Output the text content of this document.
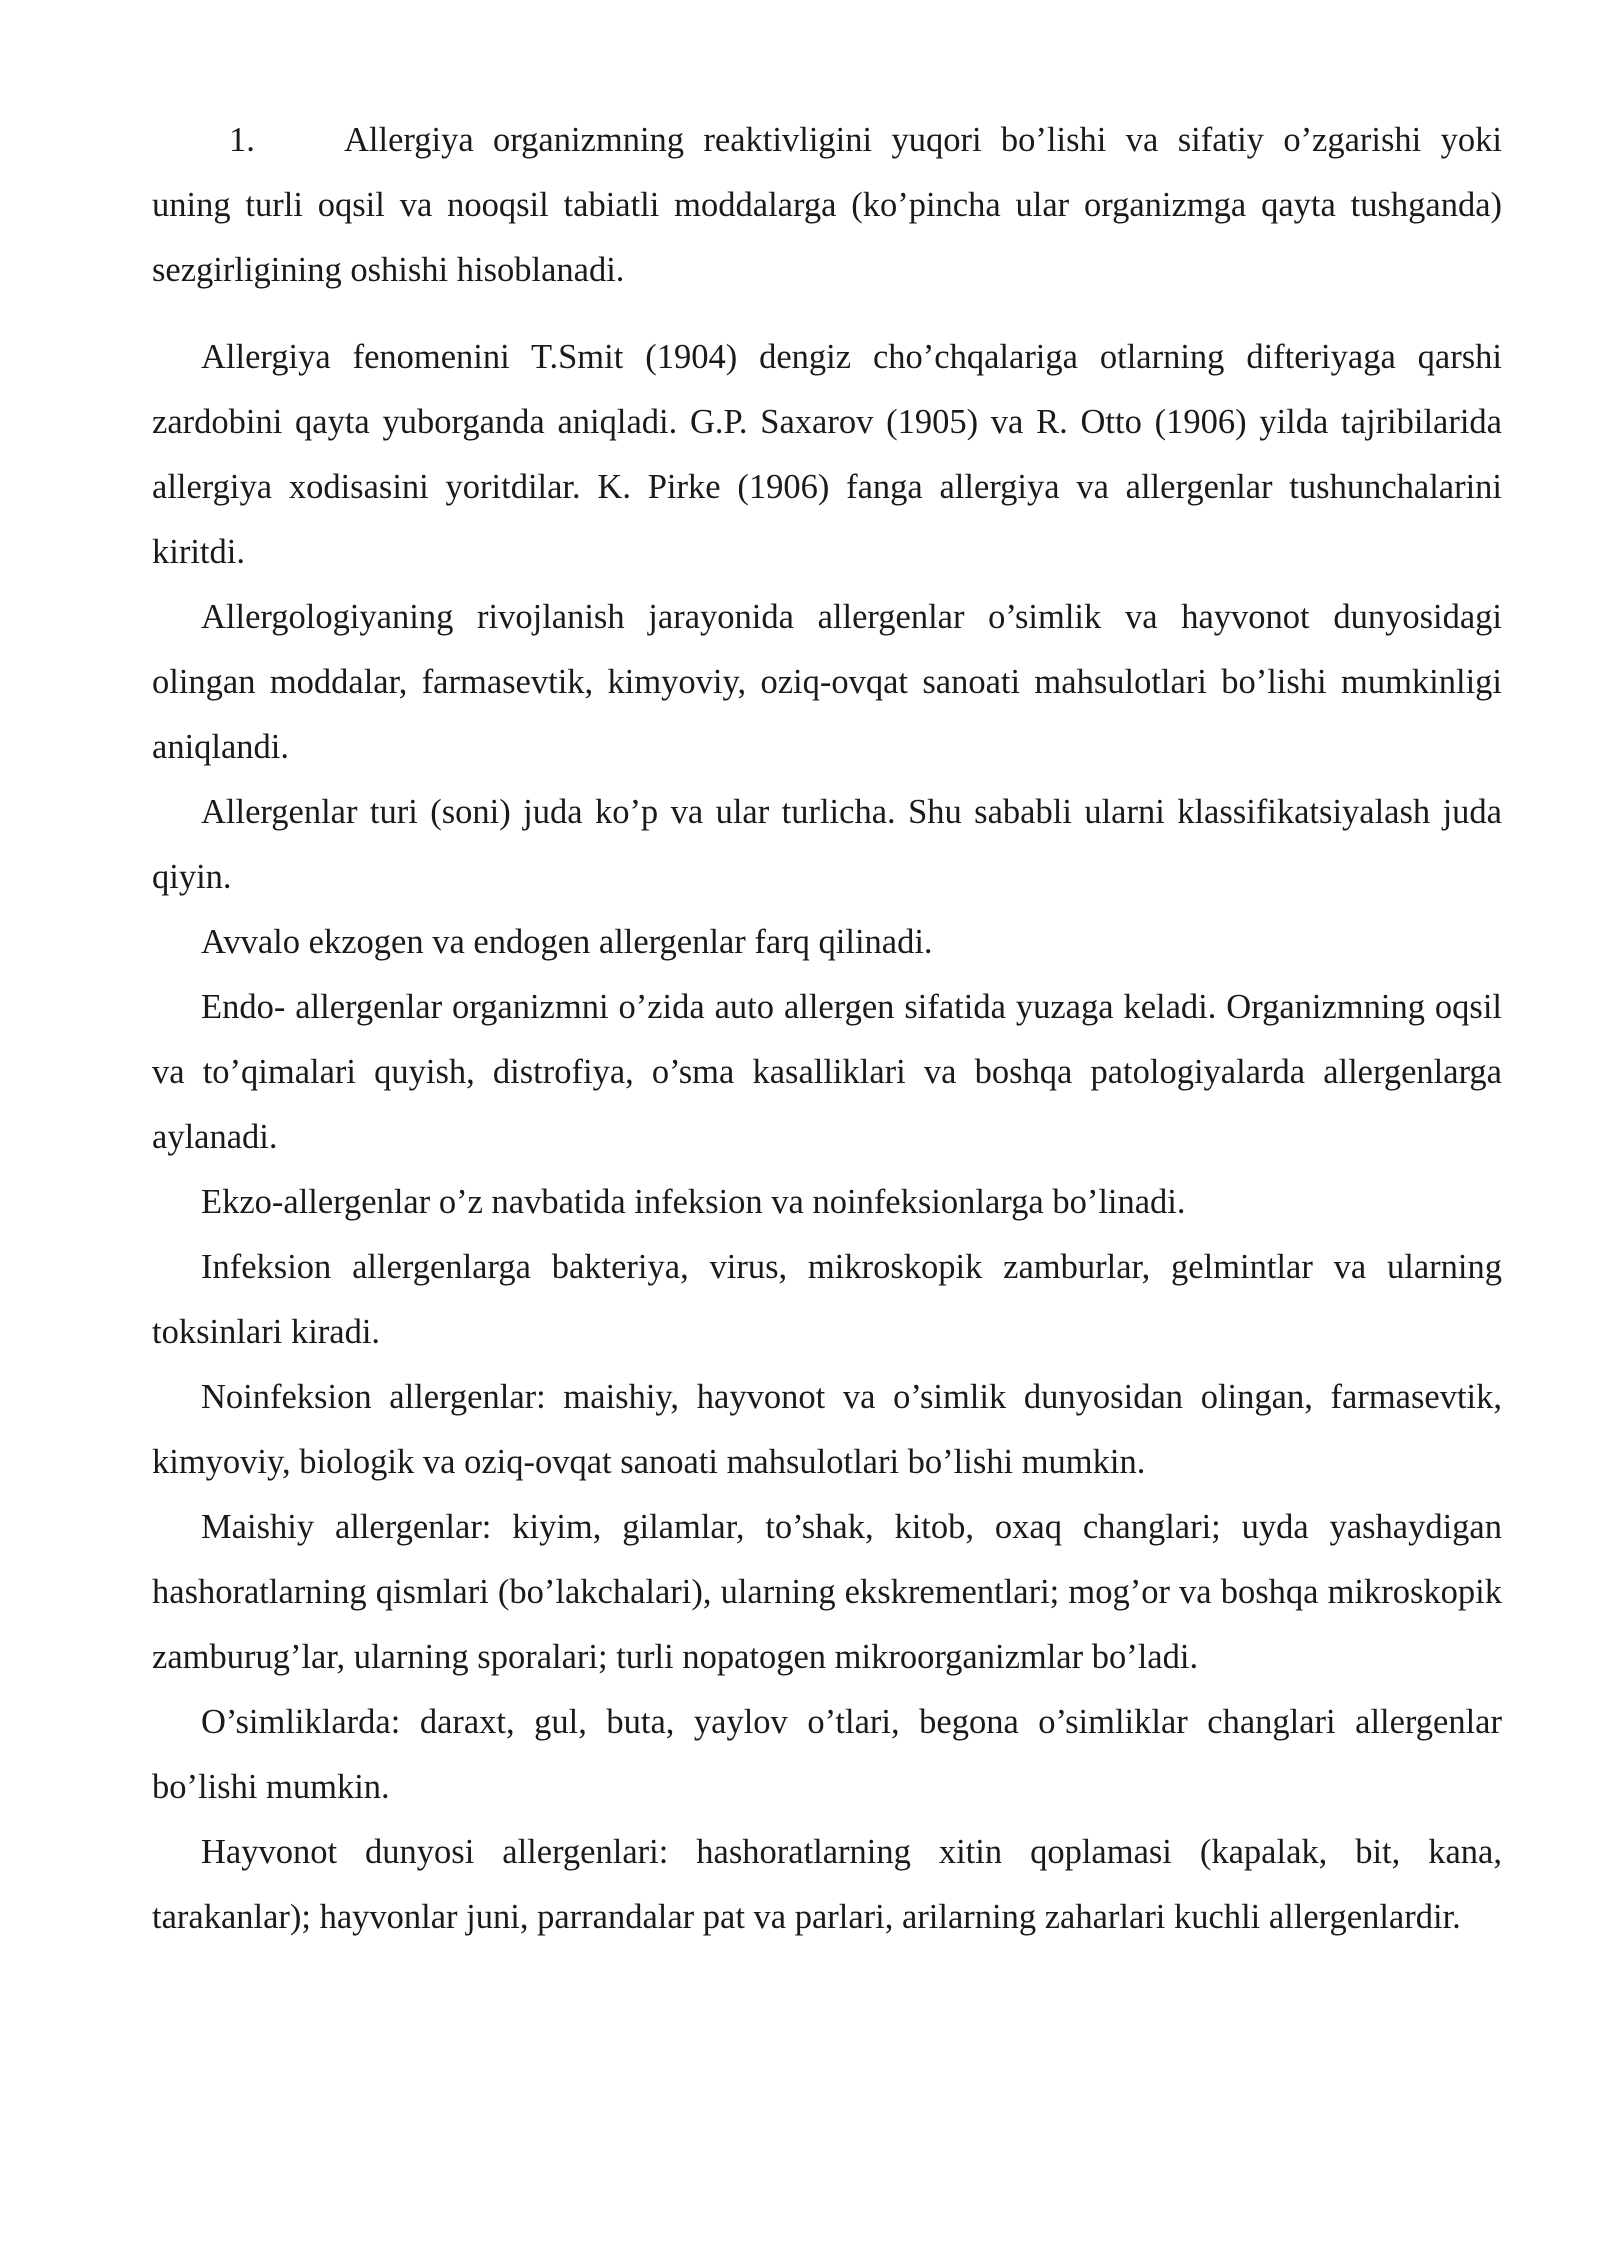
1.	Allergiya organizmning reaktivligini yuqori bo’lishi va sifatiy o’zgarishi yoki uning turli oqsil va nooqsil tabiatli moddalarga (ko’pincha ular organizmga qayta tushganda) sezgirligining oshishi hisoblanadi.

Allergiya fenomenini T.Smit (1904) dengiz cho’chqalariga otlarning difteriyaga qarshi zardobini qayta yuborganda aniqladi. G.P. Saxarov (1905) va R. Otto (1906) yilda tajribilarida allergiya xodisasini yoritdilar. K. Pirke (1906) fanga allergiya va allergenlar tushunchalarini kiritdi.

Allergologiyaning rivojlanish jarayonida allergenlar o’simlik va hayvonot dunyosidagi olingan moddalar, farmasevtik, kimyoviy, oziq-ovqat sanoati mahsulotlari bo’lishi mumkinligi aniqlandi.

Allergenlar turi (soni) juda ko’p va ular turlicha. Shu sababli ularni klassifikatsiyalash juda qiyin.

Avvalo ekzogen va endogen allergenlar farq qilinadi.

Endo- allergenlar organizmni o’zida auto allergen sifatida yuzaga keladi. Organizmning oqsil va to’qimalari quyish, distrofiya, o’sma kasalliklari va boshqa patologiyalarda allergenlarga aylanadi.

Ekzo-allergenlar o’z navbatida infeksion va noinfeksionlarga bo’linadi.

Infeksion allergenlarga bakteriya, virus, mikroskopik zamburlar, gelmintlar va ularning toksinlari kiradi.

Noinfeksion allergenlar: maishiy, hayvonot va o’simlik dunyosidan olingan, farmasevtik, kimyoviy, biologik va oziq-ovqat sanoati mahsulotlari bo’lishi mumkin.

Maishiy allergenlar: kiyim, gilamlar, to’shak, kitob, oxaq changlari; uyda yashaydigan hashoratlarning qismlari (bo’lakchalari), ularning ekskrementlari; mog’or va boshqa mikroskopik zamburug’lar, ularning sporalari; turli nopatogen mikroorganizmlar bo’ladi.

O’simliklarda: daraxt, gul, buta, yaylov o’tlari, begona o’simliklar changlari allergenlar bo’lishi mumkin.

Hayvonot dunyosi allergenlari: hashoratlarning xitin qoplamasi (kapalak, bit, kana, tarakanlar); hayvonlar juni, parrandalar pat va parlari, arilarning zaharlari kuchli allergenlardir.
